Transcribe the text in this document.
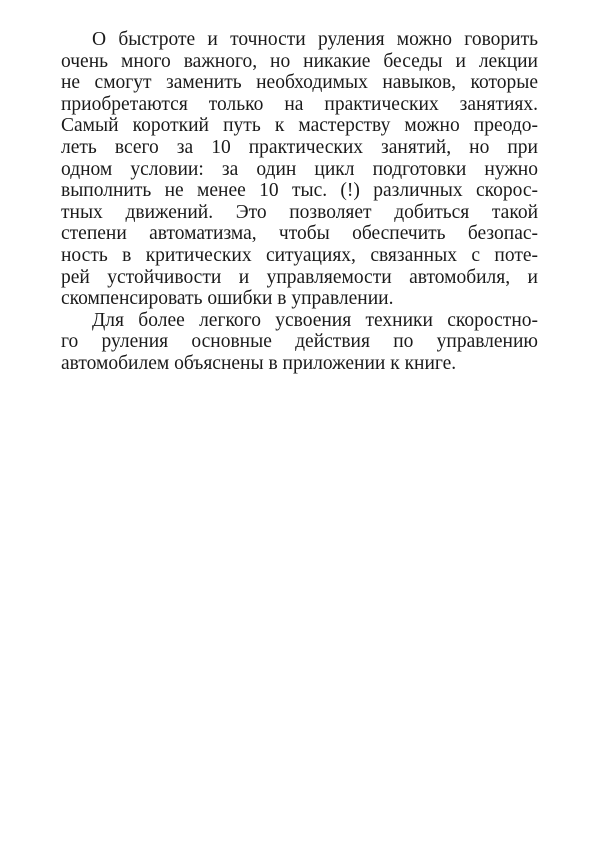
О быстроте и точности руления можно говорить
очень много важного, но никакие беседы и лекции
не смогут заменить необходимых навыков, которые
приобретаются только на практических занятиях.
Самый короткий путь к мастерству можно преодо-
леть всего за 10 практических занятий, но при
одном условии: за один цикл подготовки нужно
выполнить не менее 10 тыс. (!) различных скорос-
тных движений. Это позволяет добиться такой
степени автоматизма, чтобы обеспечить безопас-
ность в критических ситуациях, связанных с поте-
рей устойчивости и управляемости автомобиля, и
скомпенсировать ошибки в управлении.
Для более легкого усвоения техники скоростно-
го руления основные действия по управлению
автомобилем объяснены в приложении к книге.
